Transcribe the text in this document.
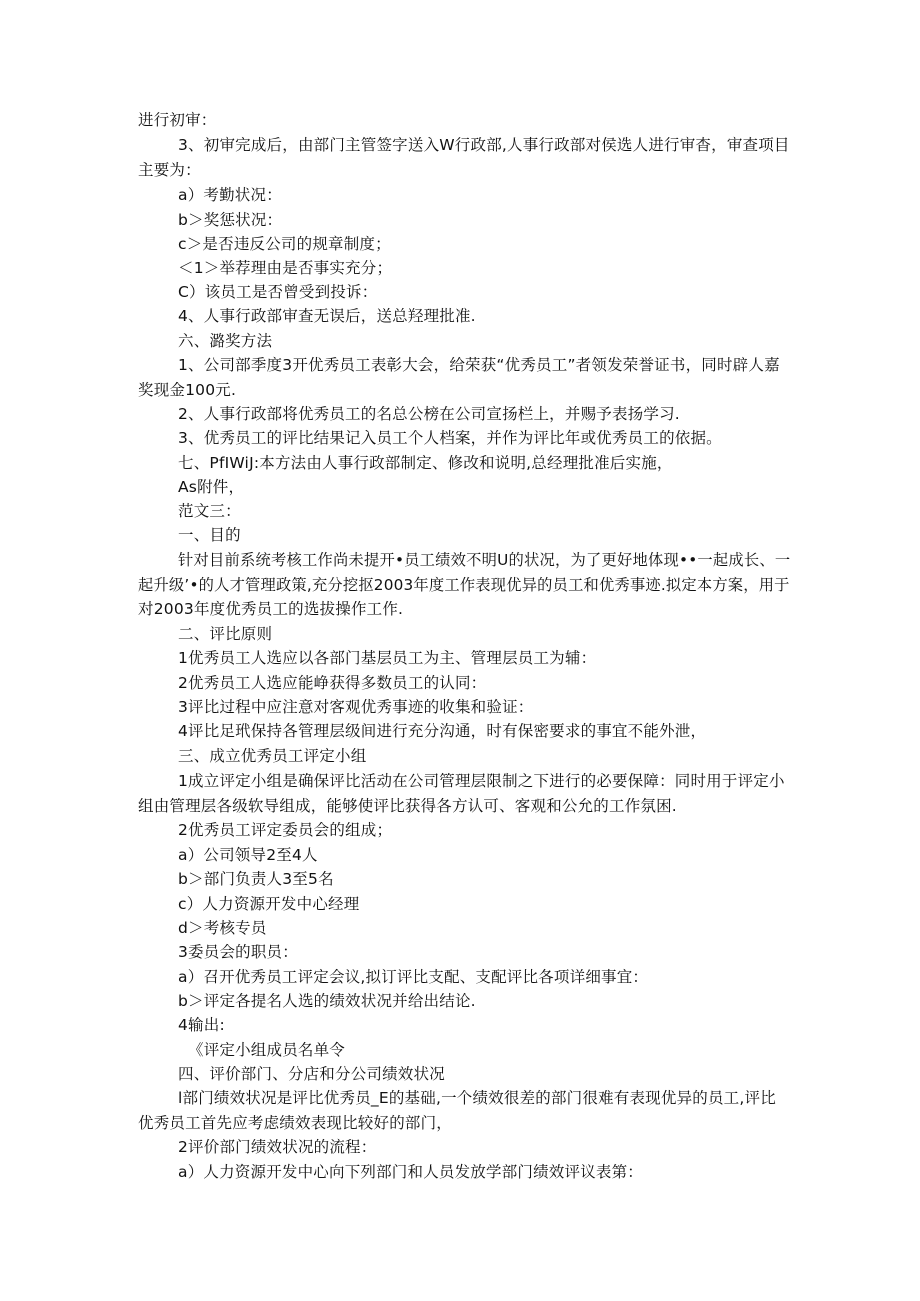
进行初审：
3、初审完成后，由部门主管签字送入W行政部,人事行政部对侯选人进行审杳，审查项目
主要为：
a）考勤状况：
b＞奖惩状况：
c＞是否违反公司的规章制度；
＜1＞举荐理由是否事实充分；
C）该员工是否曾受到投诉：
4、人事行政部审查无误后，送总羟理批准.
六、潞奖方法
1、公司部季度3开优秀员工表彰大会，给荣获“优秀员工”者领发荣誉证书，同时辟人嘉
奖现金100元.
2、人事行政部将优秀员工的名总公榜在公司宣扬栏上，并赐予表扬学习.
3、优秀员工的评比结果记入员工个人档案，并作为评比年或优秀员工的依据。
七、PfIWiJ:本方法由人事行政部制定、修改和说明,总经理批准后实施，
As附件，
范文三：
一、目的
针对目前系统考核工作尚未提开•员工绩效不明U的状况，为了更好地体现••一起成长、一
起升级’•的人才管理政策,充分挖抠2003年度工作表现优异的员工和优秀事迹.拟定本方案，用于
对2003年度优秀员工的选拔操作工作.
二、评比原则
1优秀员工人选应以各部门基层员工为主、管理层员工为辅：
2优秀员工人选应能峥获得多数员工的认同：
3评比过程中应注意对客观优秀事迹的收集和验证：
4评比足玳保持各管理层级间进行充分沟通，时有保密要求的事宜不能外泄，
三、成立优秀员工评定小组
1成立评定小组是确保评比活动在公司管理层限制之下进行的必要保障：同时用于评定小
组由管理层各级软导组成，能够使评比获得各方认可、客观和公允的工作氛困.
2优秀员工评定委员会的组成；
a）公司领导2至4人
b＞部门负责人3至5名
c）人力资源开发中心经理
d＞考核专员
3委员会的职员：
a）召开优秀员工评定会议,拟订评比支配、支配评比各项详细事宜：
b＞评定各提名人选的绩效状况并给出结论.
4输出:
《评定小组成员名单令
四、评价部门、分店和分公司绩效状况
l部门绩效状况是评比优秀员_E的基础,一个绩效很差的部门很难有表现优异的员工,评比
优秀员工首先应考虑绩效表现比较好的部门，
2评价部门绩效状况的流程：
a）人力资源开发中心向下列部门和人员发放学部门绩效评议表第：
